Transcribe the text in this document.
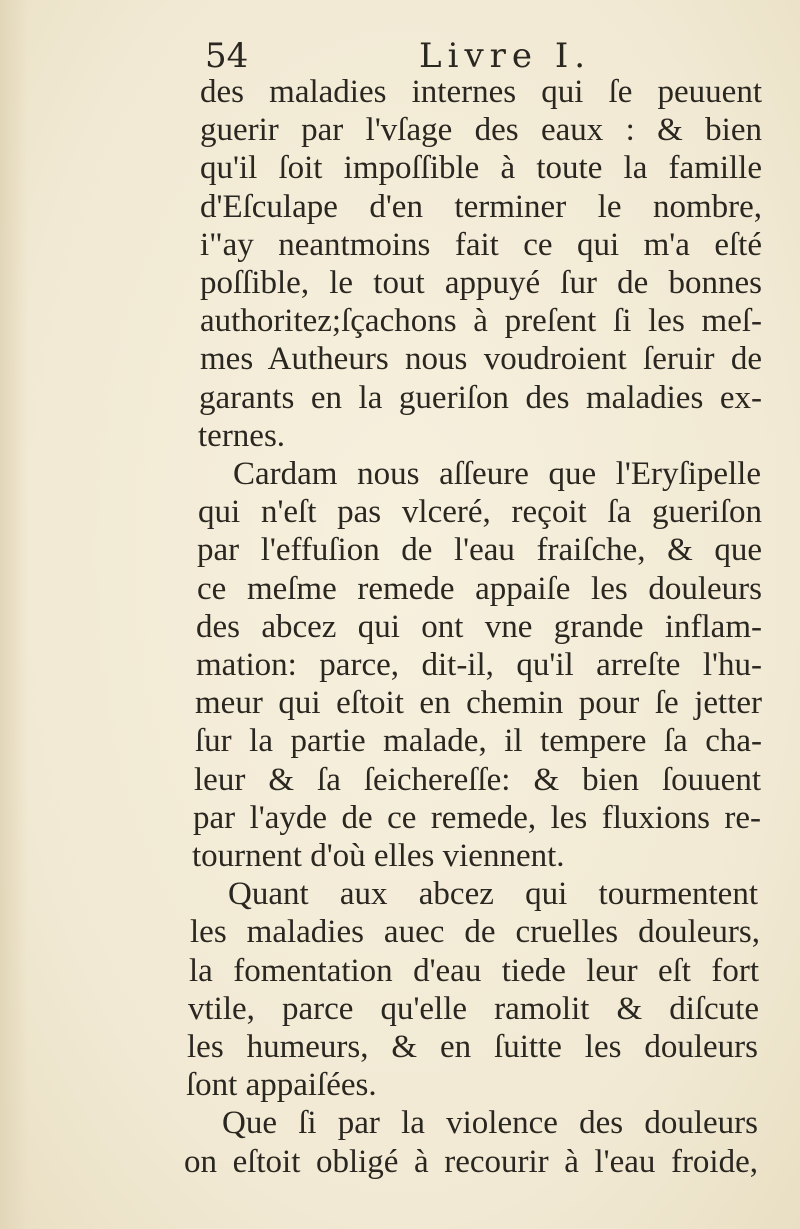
54	Livre I.
des maladies internes qui ſe peuuent
guerir par l'vſage des eaux : & bien
qu'il ſoit impoſſible à toute la famille
d'Eſculape d'en terminer le nombre,
i"ay neantmoins fait ce qui m'a eſté
poſſible, le tout appuyé ſur de bonnes
authoritez;ſçachons à preſent ſi les meſ-
mes Autheurs nous voudroient ſeruir de
garants en la gueriſon des maladies ex-
ternes.
Cardam nous aſſeure que l'Eryſipelle
qui n'eſt pas vlceré, reçoit ſa gueriſon
par l'effuſion de l'eau fraiſche, & que
ce meſme remede appaiſe les douleurs
des abcez qui ont vne grande inflam-
mation: parce, dit-il, qu'il arreſte l'hu-
meur qui eſtoit en chemin pour ſe jetter
ſur la partie malade, il tempere ſa cha-
leur & ſa ſeichereſſe: & bien ſouuent
par l'ayde de ce remede, les fluxions re-
tournent d'où elles viennent.
Quant aux abcez qui tourmentent
les maladies auec de cruelles douleurs,
la fomentation d'eau tiede leur eſt fort
vtile, parce qu'elle ramolit & diſcute
les humeurs, & en ſuitte les douleurs
ſont appaiſées.
Que ſi par la violence des douleurs
on eſtoit obligé à recourir à l'eau froide,
